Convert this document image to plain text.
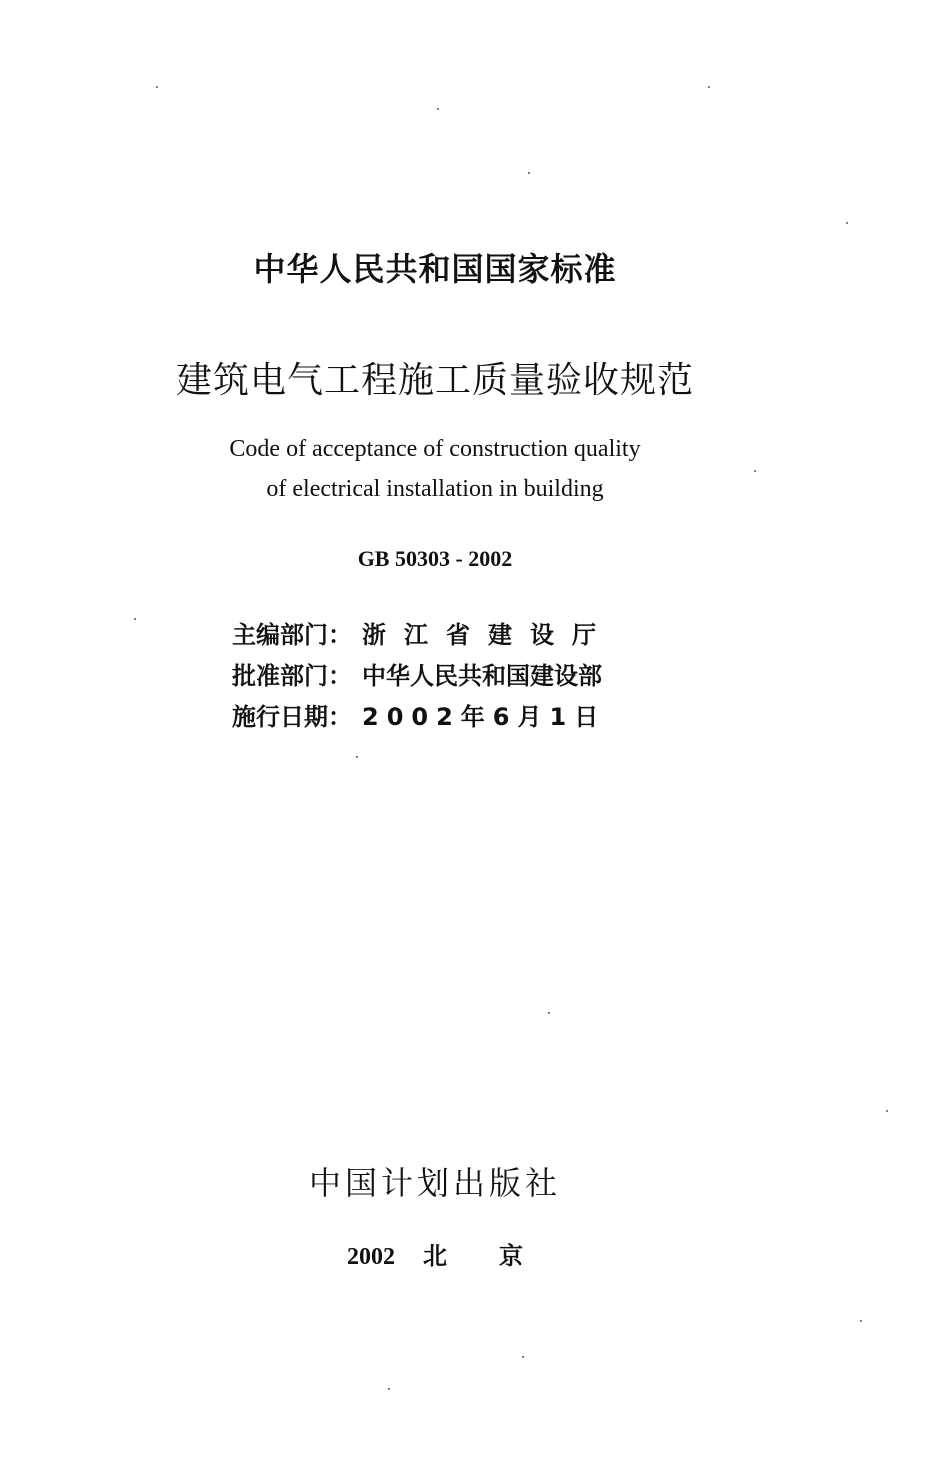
中华人民共和国国家标准
建筑电气工程施工质量验收规范
Code of acceptance of construction quality
of electrical installation in building
GB 50303 - 2002
主编部门： 浙江省建设厅
批准部门： 中华人民共和国建设部
施行日期： 2002年6月1日
中国计划出版社
2002 北 京
